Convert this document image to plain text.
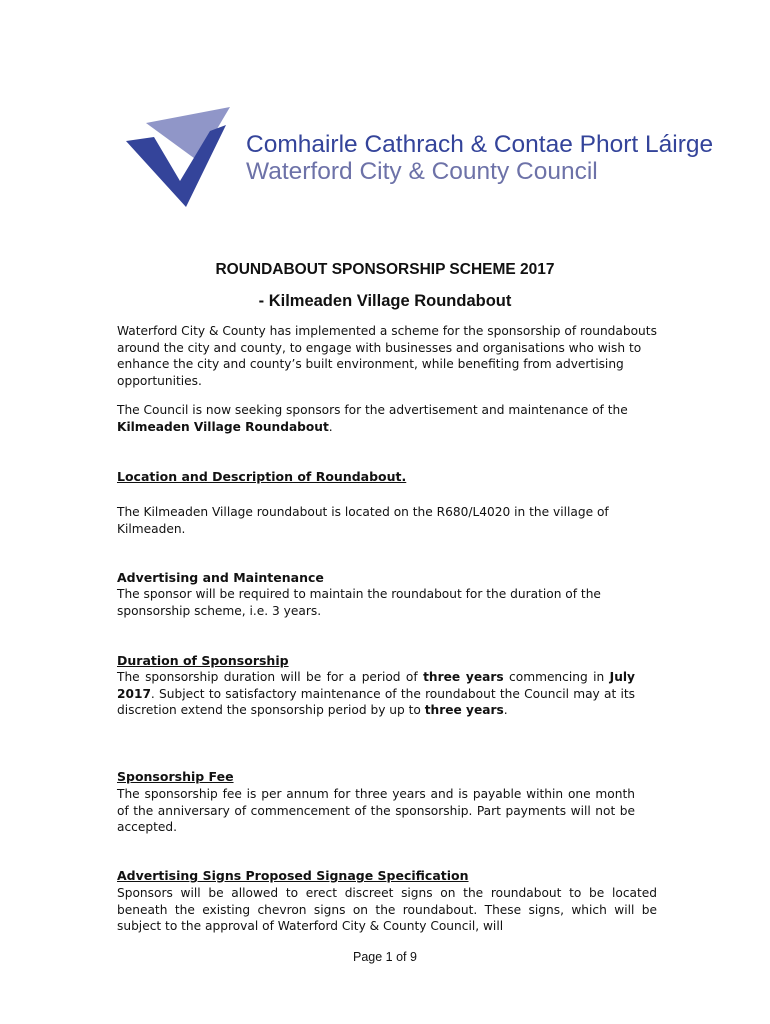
Comhairle Cathrach & Contae Phort Láirge
Waterford City & County Council
ROUNDABOUT SPONSORSHIP SCHEME 2017
- Kilmeaden Village Roundabout
Waterford City & County has implemented a scheme for the sponsorship of roundabouts around the city and county, to engage with businesses and organisations who wish to enhance the city and county’s built environment, while benefiting from advertising opportunities.
The Council is now seeking sponsors for the advertisement and maintenance of the Kilmeaden Village Roundabout.
Location and Description of Roundabout.
The Kilmeaden Village roundabout is located on the R680/L4020 in the village of Kilmeaden.
Advertising and Maintenance
The sponsor will be required to maintain the roundabout for the duration of the sponsorship scheme, i.e. 3 years.
Duration of Sponsorship
The sponsorship duration will be for a period of three years commencing in July 2017. Subject to satisfactory maintenance of the roundabout the Council may at its discretion extend the sponsorship period by up to three years.
Sponsorship Fee
The sponsorship fee is per annum for three years and is payable within one month of the anniversary of commencement of the sponsorship. Part payments will not be accepted.
Advertising Signs Proposed Signage Specification
Sponsors will be allowed to erect discreet signs on the roundabout to be located beneath the existing chevron signs on the roundabout. These signs, which will be subject to the approval of Waterford City & County Council, will
Page 1 of 9
